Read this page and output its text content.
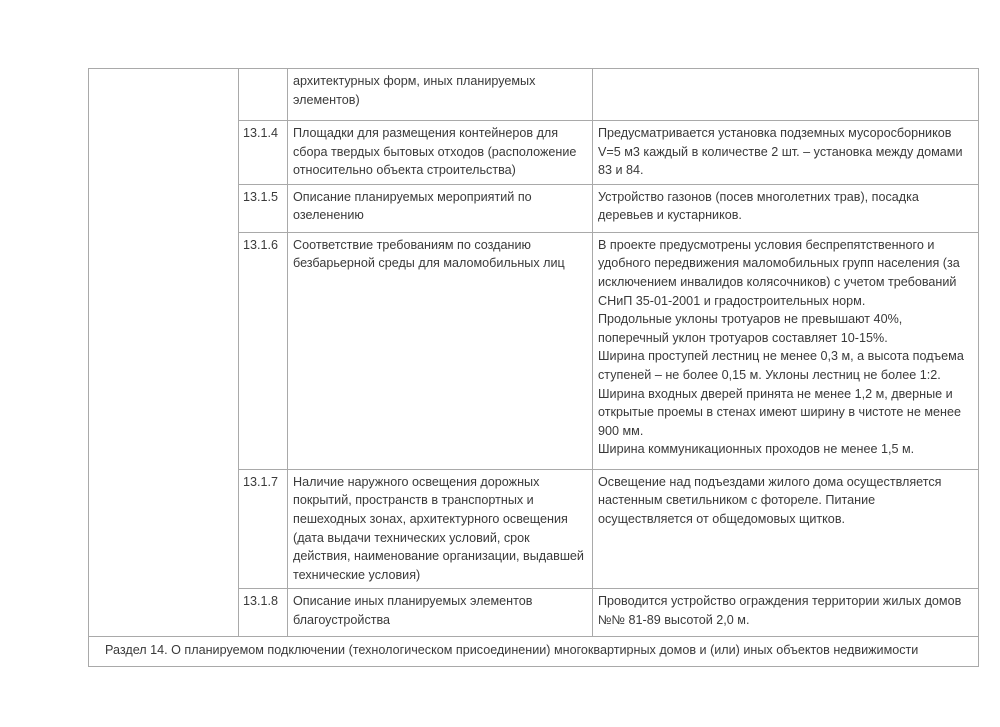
		архитектурных форм, иных планируемых элементов)	
	13.1.4	Площадки для размещения контейнеров для сбора твердых бытовых отходов (расположение относительно объекта строительства)	Предусматривается установка подземных мусоросборников V=5 м3 каждый в количестве 2 шт. – установка между домами 83 и 84.

	13.1.5	Описание планируемых мероприятий по озеленению	Устройство газонов (посев многолетних трав), посадка деревьев и кустарников.

	13.1.6	Соответствие требованиям по созданию безбарьерной среды для маломобильных лиц	В проекте предусмотрены условия беспрепятственного и удобного передвижения маломобильных групп населения (за исключением инвалидов колясочников) с учетом требований СНиП 35-01-2001 и градостроительных норм.
Продольные уклоны тротуаров не превышают 40%, поперечный уклон тротуаров составляет 10-15%.
Ширина проступей лестниц не менее 0,3 м, а высота подъема ступеней – не более 0,15 м. Уклоны лестниц не более 1:2.
Ширина входных дверей принята не менее 1,2 м, дверные и открытые проемы в стенах имеют ширину в чистоте не менее 900 мм.
Ширина коммуникационных проходов не менее 1,5 м.

	13.1.7	Наличие наружного освещения дорожных покрытий, пространств в транспортных и пешеходных зонах, архитектурного освещения (дата выдачи технических условий, срок действия, наименование организации, выдавшей технические условия)	Освещение над подъездами жилого дома осуществляется настенным светильником с фотореле. Питание осуществляется от общедомовых щитков.

	13.1.8	Описание иных планируемых элементов благоустройства	Проводится устройство ограждения территории жилых домов №№ 81-89 высотой 2,0 м.

Раздел 14. О планируемом подключении (технологическом присоединении) многоквартирных домов и (или) иных объектов недвижимости			
